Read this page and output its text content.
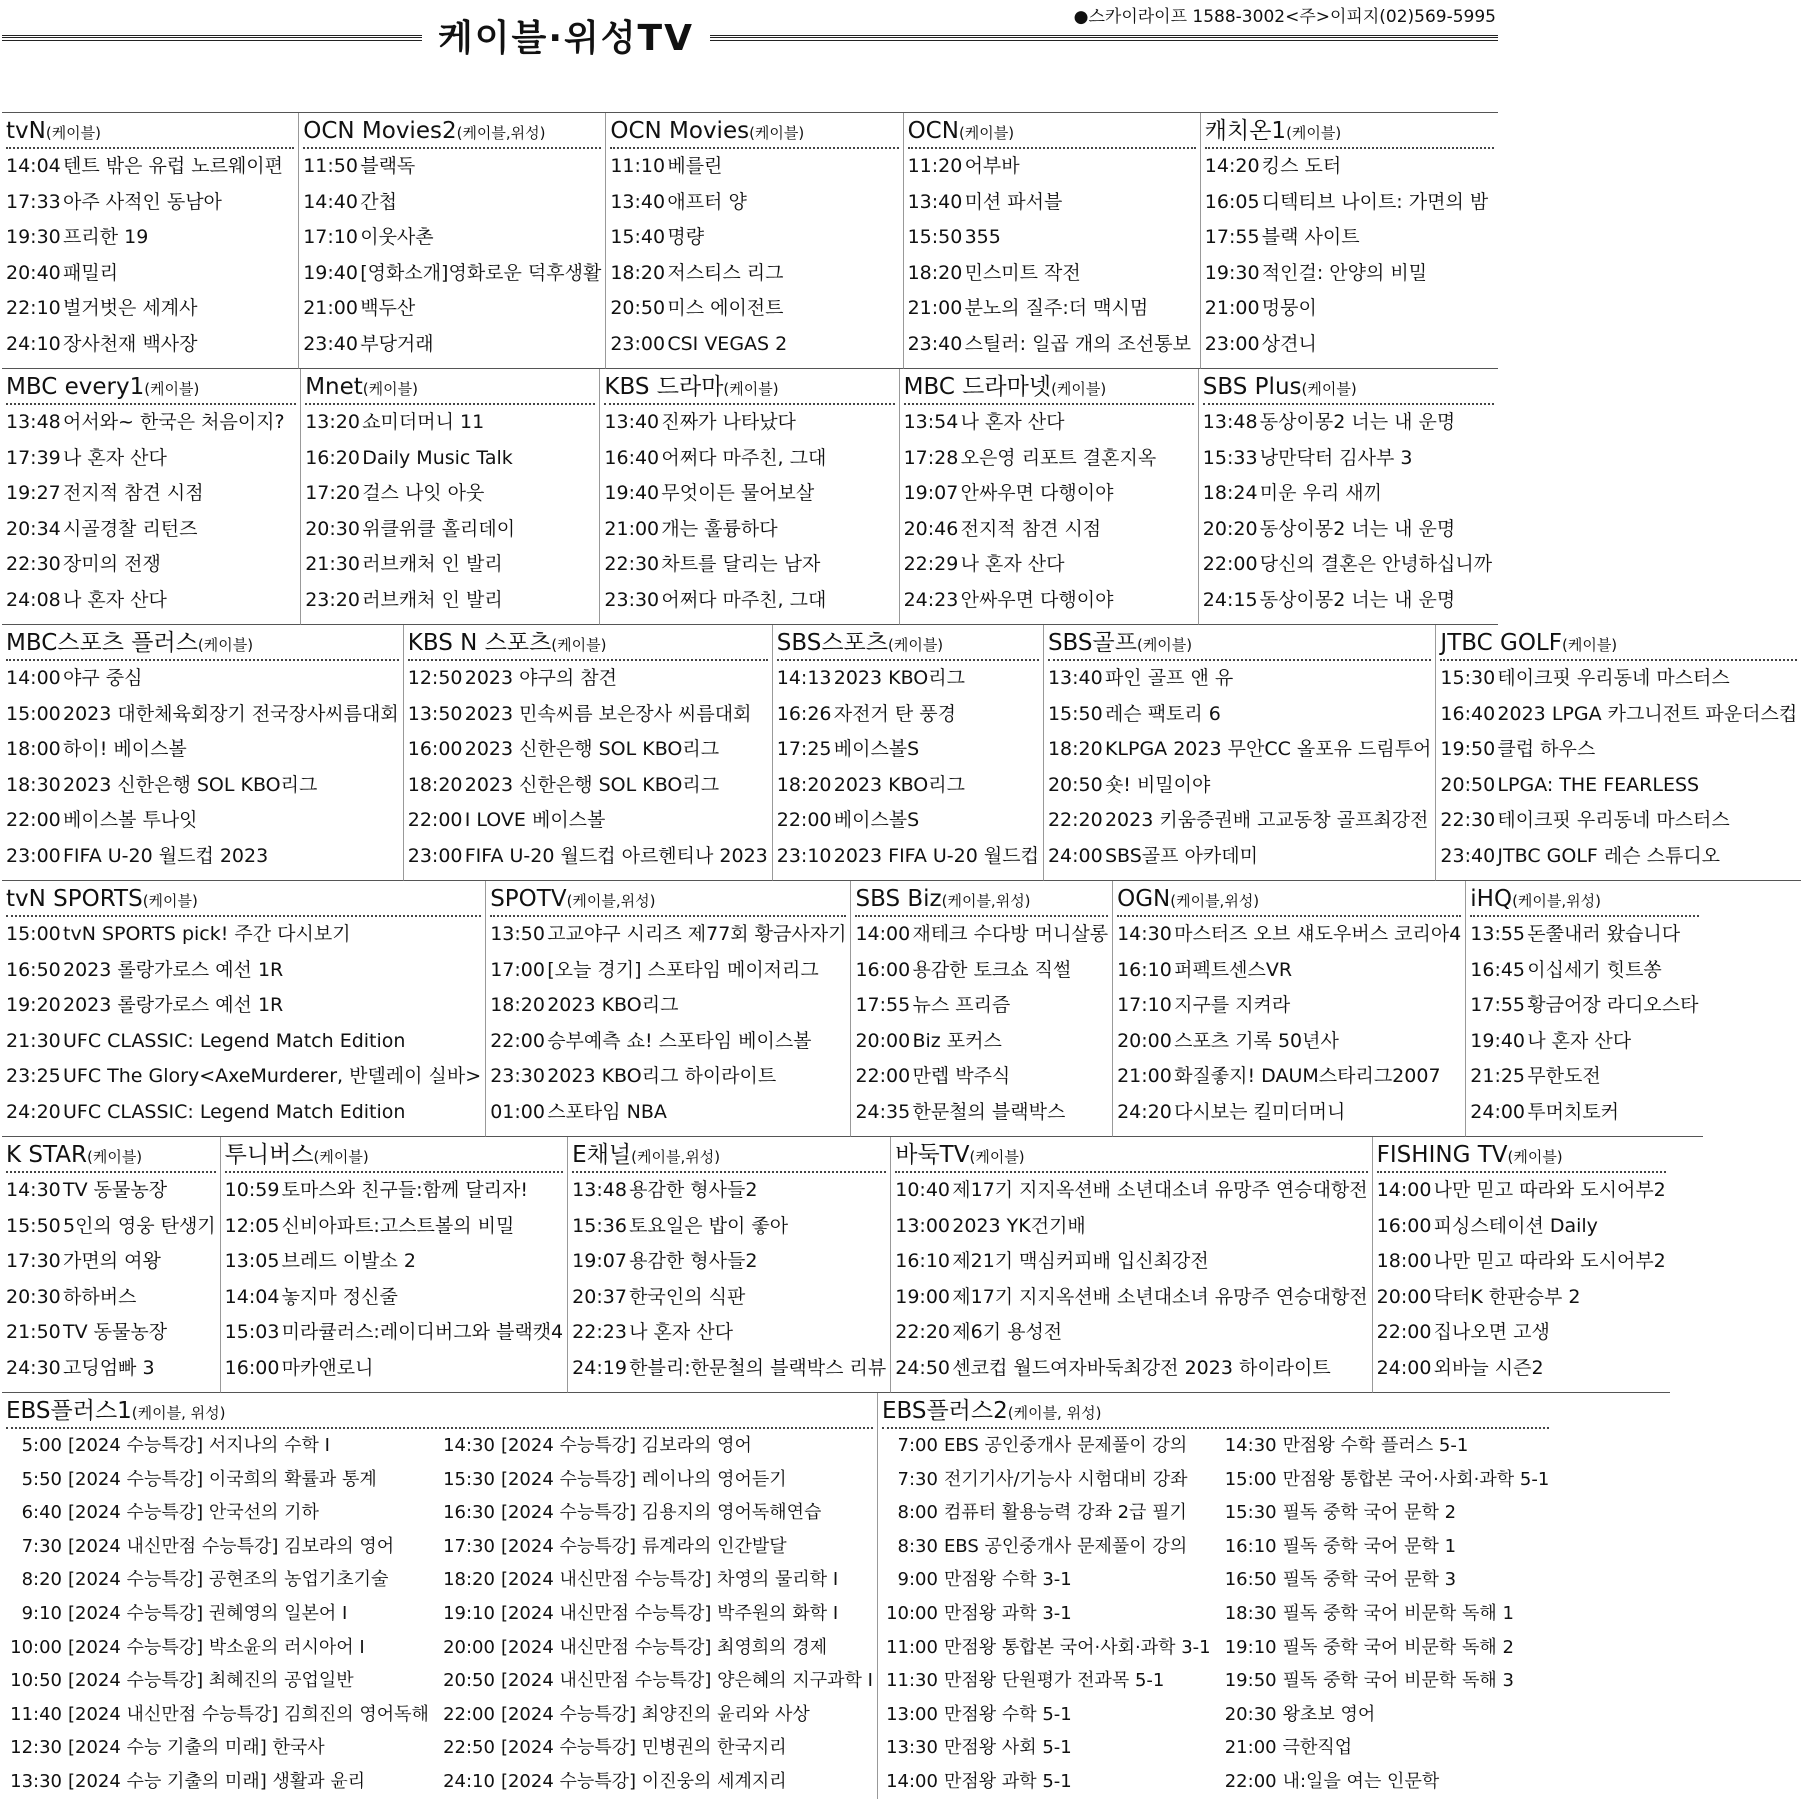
케이블·위성TV
●스카이라이프 1588-3002<주>이피지(02)569-5995
tvN(케이블)
14:04 텐트 밖은 유럽 노르웨이편
17:33 아주 사적인 동남아
19:30 프리한 19
20:40 패밀리
22:10 벌거벗은 세계사
24:10 장사천재 백사장
OCN Movies2(케이블,위성)
11:50 블랙독
14:40 간첩
17:10 이웃사촌
19:40 [영화소개]영화로운 덕후생활
21:00 백두산
23:40 부당거래
OCN Movies(케이블)
11:10 베를린
13:40 애프터 양
15:40 명량
18:20 저스티스 리그
20:50 미스 에이전트
23:00 CSI VEGAS 2
OCN(케이블)
11:20 어부바
13:40 미션 파서블
15:50 355
18:20 민스미트 작전
21:00 분노의 질주:더 맥시멈
23:40 스틸러: 일곱 개의 조선통보
캐치온1(케이블)
14:20 킹스 도터
16:05 디텍티브 나이트: 가면의 밤
17:55 블랙 사이트
19:30 적인걸: 안양의 비밀
21:00 멍뭉이
23:00 상견니
MBC every1(케이블)
13:48 어서와~ 한국은 처음이지?
17:39 나 혼자 산다
19:27 전지적 참견 시점
20:34 시골경찰 리턴즈
22:30 장미의 전쟁
24:08 나 혼자 산다
Mnet(케이블)
13:20 쇼미더머니 11
16:20 Daily Music Talk
17:20 걸스 나잇 아웃
20:30 위클위클 홀리데이
21:30 러브캐처 인 발리
23:20 러브캐처 인 발리
KBS 드라마(케이블)
13:40 진짜가 나타났다
16:40 어쩌다 마주친, 그대
19:40 무엇이든 물어보살
21:00 개는 훌륭하다
22:30 차트를 달리는 남자
23:30 어쩌다 마주친, 그대
MBC 드라마넷(케이블)
13:54 나 혼자 산다
17:28 오은영 리포트 결혼지옥
19:07 안싸우면 다행이야
20:46 전지적 참견 시점
22:29 나 혼자 산다
24:23 안싸우면 다행이야
SBS Plus(케이블)
13:48 동상이몽2 너는 내 운명
15:33 낭만닥터 김사부 3
18:24 미운 우리 새끼
20:20 동상이몽2 너는 내 운명
22:00 당신의 결혼은 안녕하십니까
24:15 동상이몽2 너는 내 운명
MBC스포츠 플러스(케이블)
14:00 야구 중심
15:00 2023 대한체육회장기 전국장사씨름대회
18:00 하이! 베이스볼
18:30 2023 신한은행 SOL KBO리그
22:00 베이스볼 투나잇
23:00 FIFA U-20 월드컵 2023
KBS N 스포츠(케이블)
12:50 2023 야구의 참견
13:50 2023 민속씨름 보은장사 씨름대회
16:00 2023 신한은행 SOL KBO리그
18:20 2023 신한은행 SOL KBO리그
22:00 I LOVE 베이스볼
23:00 FIFA U-20 월드컵 아르헨티나 2023
SBS스포츠(케이블)
14:13 2023 KBO리그
16:26 자전거 탄 풍경
17:25 베이스볼S
18:20 2023 KBO리그
22:00 베이스볼S
23:10 2023 FIFA U-20 월드컵
SBS골프(케이블)
13:40 파인 골프 앤 유
15:50 레슨 팩토리 6
18:20 KLPGA 2023 무안CC 올포유 드림투어
20:50 숏! 비밀이야
22:20 2023 키움증권배 고교동창 골프최강전
24:00 SBS골프 아카데미
JTBC GOLF(케이블)
15:30 테이크핏 우리동네 마스터스
16:40 2023 LPGA 카그니전트 파운더스컵
19:50 클럽 하우스
20:50 LPGA: THE FEARLESS
22:30 테이크핏 우리동네 마스터스
23:40 JTBC GOLF 레슨 스튜디오
tvN SPORTS(케이블)
15:00 tvN SPORTS pick! 주간 다시보기
16:50 2023 롤랑가로스 예선 1R
19:20 2023 롤랑가로스 예선 1R
21:30 UFC CLASSIC: Legend Match Edition
23:25 UFC The Glory<AxeMurderer, 반델레이 실바>
24:20 UFC CLASSIC: Legend Match Edition
SPOTV(케이블,위성)
13:50 고교야구 시리즈 제77회 황금사자기
17:00 [오늘 경기] 스포타임 메이저리그
18:20 2023 KBO리그
22:00 승부예측 쇼! 스포타임 베이스볼
23:30 2023 KBO리그 하이라이트
01:00 스포타임 NBA
SBS Biz(케이블,위성)
14:00 재테크 수다방 머니살롱
16:00 용감한 토크쇼 직썰
17:55 뉴스 프리즘
20:00 Biz 포커스
22:00 만렙 박주식
24:35 한문철의 블랙박스
OGN(케이블,위성)
14:30 마스터즈 오브 섀도우버스 코리아4
16:10 퍼펙트센스VR
17:10 지구를 지켜라
20:00 스포츠 기록 50년사
21:00 화질좋지! DAUM스타리그2007
24:20 다시보는 킬미더머니
iHQ(케이블,위성)
13:55 돈쭐내러 왔습니다
16:45 이십세기 힛트쏭
17:55 황금어장 라디오스타
19:40 나 혼자 산다
21:25 무한도전
24:00 투머치토커
K STAR(케이블)
14:30 TV 동물농장
15:50 5인의 영웅 탄생기
17:30 가면의 여왕
20:30 하하버스
21:50 TV 동물농장
24:30 고딩엄빠 3
투니버스(케이블)
10:59 토마스와 친구들:함께 달리자!
12:05 신비아파트:고스트볼의 비밀
13:05 브레드 이발소 2
14:04 놓지마 정신줄
15:03 미라큘러스:레이디버그와 블랙캣4
16:00 마카앤로니
E채널(케이블,위성)
13:48 용감한 형사들2
15:36 토요일은 밥이 좋아
19:07 용감한 형사들2
20:37 한국인의 식판
22:23 나 혼자 산다
24:19 한블리:한문철의 블랙박스 리뷰
바둑TV(케이블)
10:40 제17기 지지옥션배 소년대소녀 유망주 연승대항전
13:00 2023 YK건기배
16:10 제21기 맥심커피배 입신최강전
19:00 제17기 지지옥션배 소년대소녀 유망주 연승대항전
22:20 제6기 용성전
24:50 센코컵 월드여자바둑최강전 2023 하이라이트
FISHING TV(케이블)
14:00 나만 믿고 따라와 도시어부2
16:00 피싱스테이션 Daily
18:00 나만 믿고 따라와 도시어부2
20:00 닥터K 한판승부 2
22:00 집나오면 고생
24:00 외바늘 시즌2
EBS플러스1(케이블, 위성)
5:00 [2024 수능특강] 서지나의 수학 Ⅰ
5:50 [2024 수능특강] 이국희의 확률과 통계
6:40 [2024 수능특강] 안국선의 기하
7:30 [2024 내신만점 수능특강] 김보라의 영어
8:20 [2024 수능특강] 공현조의 농업기초기술
9:10 [2024 수능특강] 권혜영의 일본어 Ⅰ
10:00 [2024 수능특강] 박소윤의 러시아어 Ⅰ
10:50 [2024 수능특강] 최혜진의 공업일반
11:40 [2024 내신만점 수능특강] 김희진의 영어독해
12:30 [2024 수능 기출의 미래] 한국사
13:30 [2024 수능 기출의 미래] 생활과 윤리
14:30 [2024 수능특강] 김보라의 영어
15:30 [2024 수능특강] 레이나의 영어듣기
16:30 [2024 수능특강] 김용지의 영어독해연습
17:30 [2024 수능특강] 류계라의 인간발달
18:20 [2024 내신만점 수능특강] 차영의 물리학 Ⅰ
19:10 [2024 내신만점 수능특강] 박주원의 화학 Ⅰ
20:00 [2024 내신만점 수능특강] 최영희의 경제
20:50 [2024 내신만점 수능특강] 양은혜의 지구과학 Ⅰ
22:00 [2024 수능특강] 최양진의 윤리와 사상
22:50 [2024 수능특강] 민병권의 한국지리
24:10 [2024 수능특강] 이진웅의 세계지리
EBS플러스2(케이블, 위성)
7:00 EBS 공인중개사 문제풀이 강의
7:30 전기기사/기능사 시험대비 강좌
8:00 컴퓨터 활용능력 강좌 2급 필기
8:30 EBS 공인중개사 문제풀이 강의
9:00 만점왕 수학 3-1
10:00 만점왕 과학 3-1
11:00 만점왕 통합본 국어·사회·과학 3-1
11:30 만점왕 단원평가 전과목 5-1
13:00 만점왕 수학 5-1
13:30 만점왕 사회 5-1
14:00 만점왕 과학 5-1
14:30 만점왕 수학 플러스 5-1
15:00 만점왕 통합본 국어·사회·과학 5-1
15:30 필독 중학 국어 문학 2
16:10 필독 중학 국어 문학 1
16:50 필독 중학 국어 문학 3
18:30 필독 중학 국어 비문학 독해 1
19:10 필독 중학 국어 비문학 독해 2
19:50 필독 중학 국어 비문학 독해 3
20:30 왕초보 영어
21:00 극한직업
22:00 내:일을 여는 인문학
